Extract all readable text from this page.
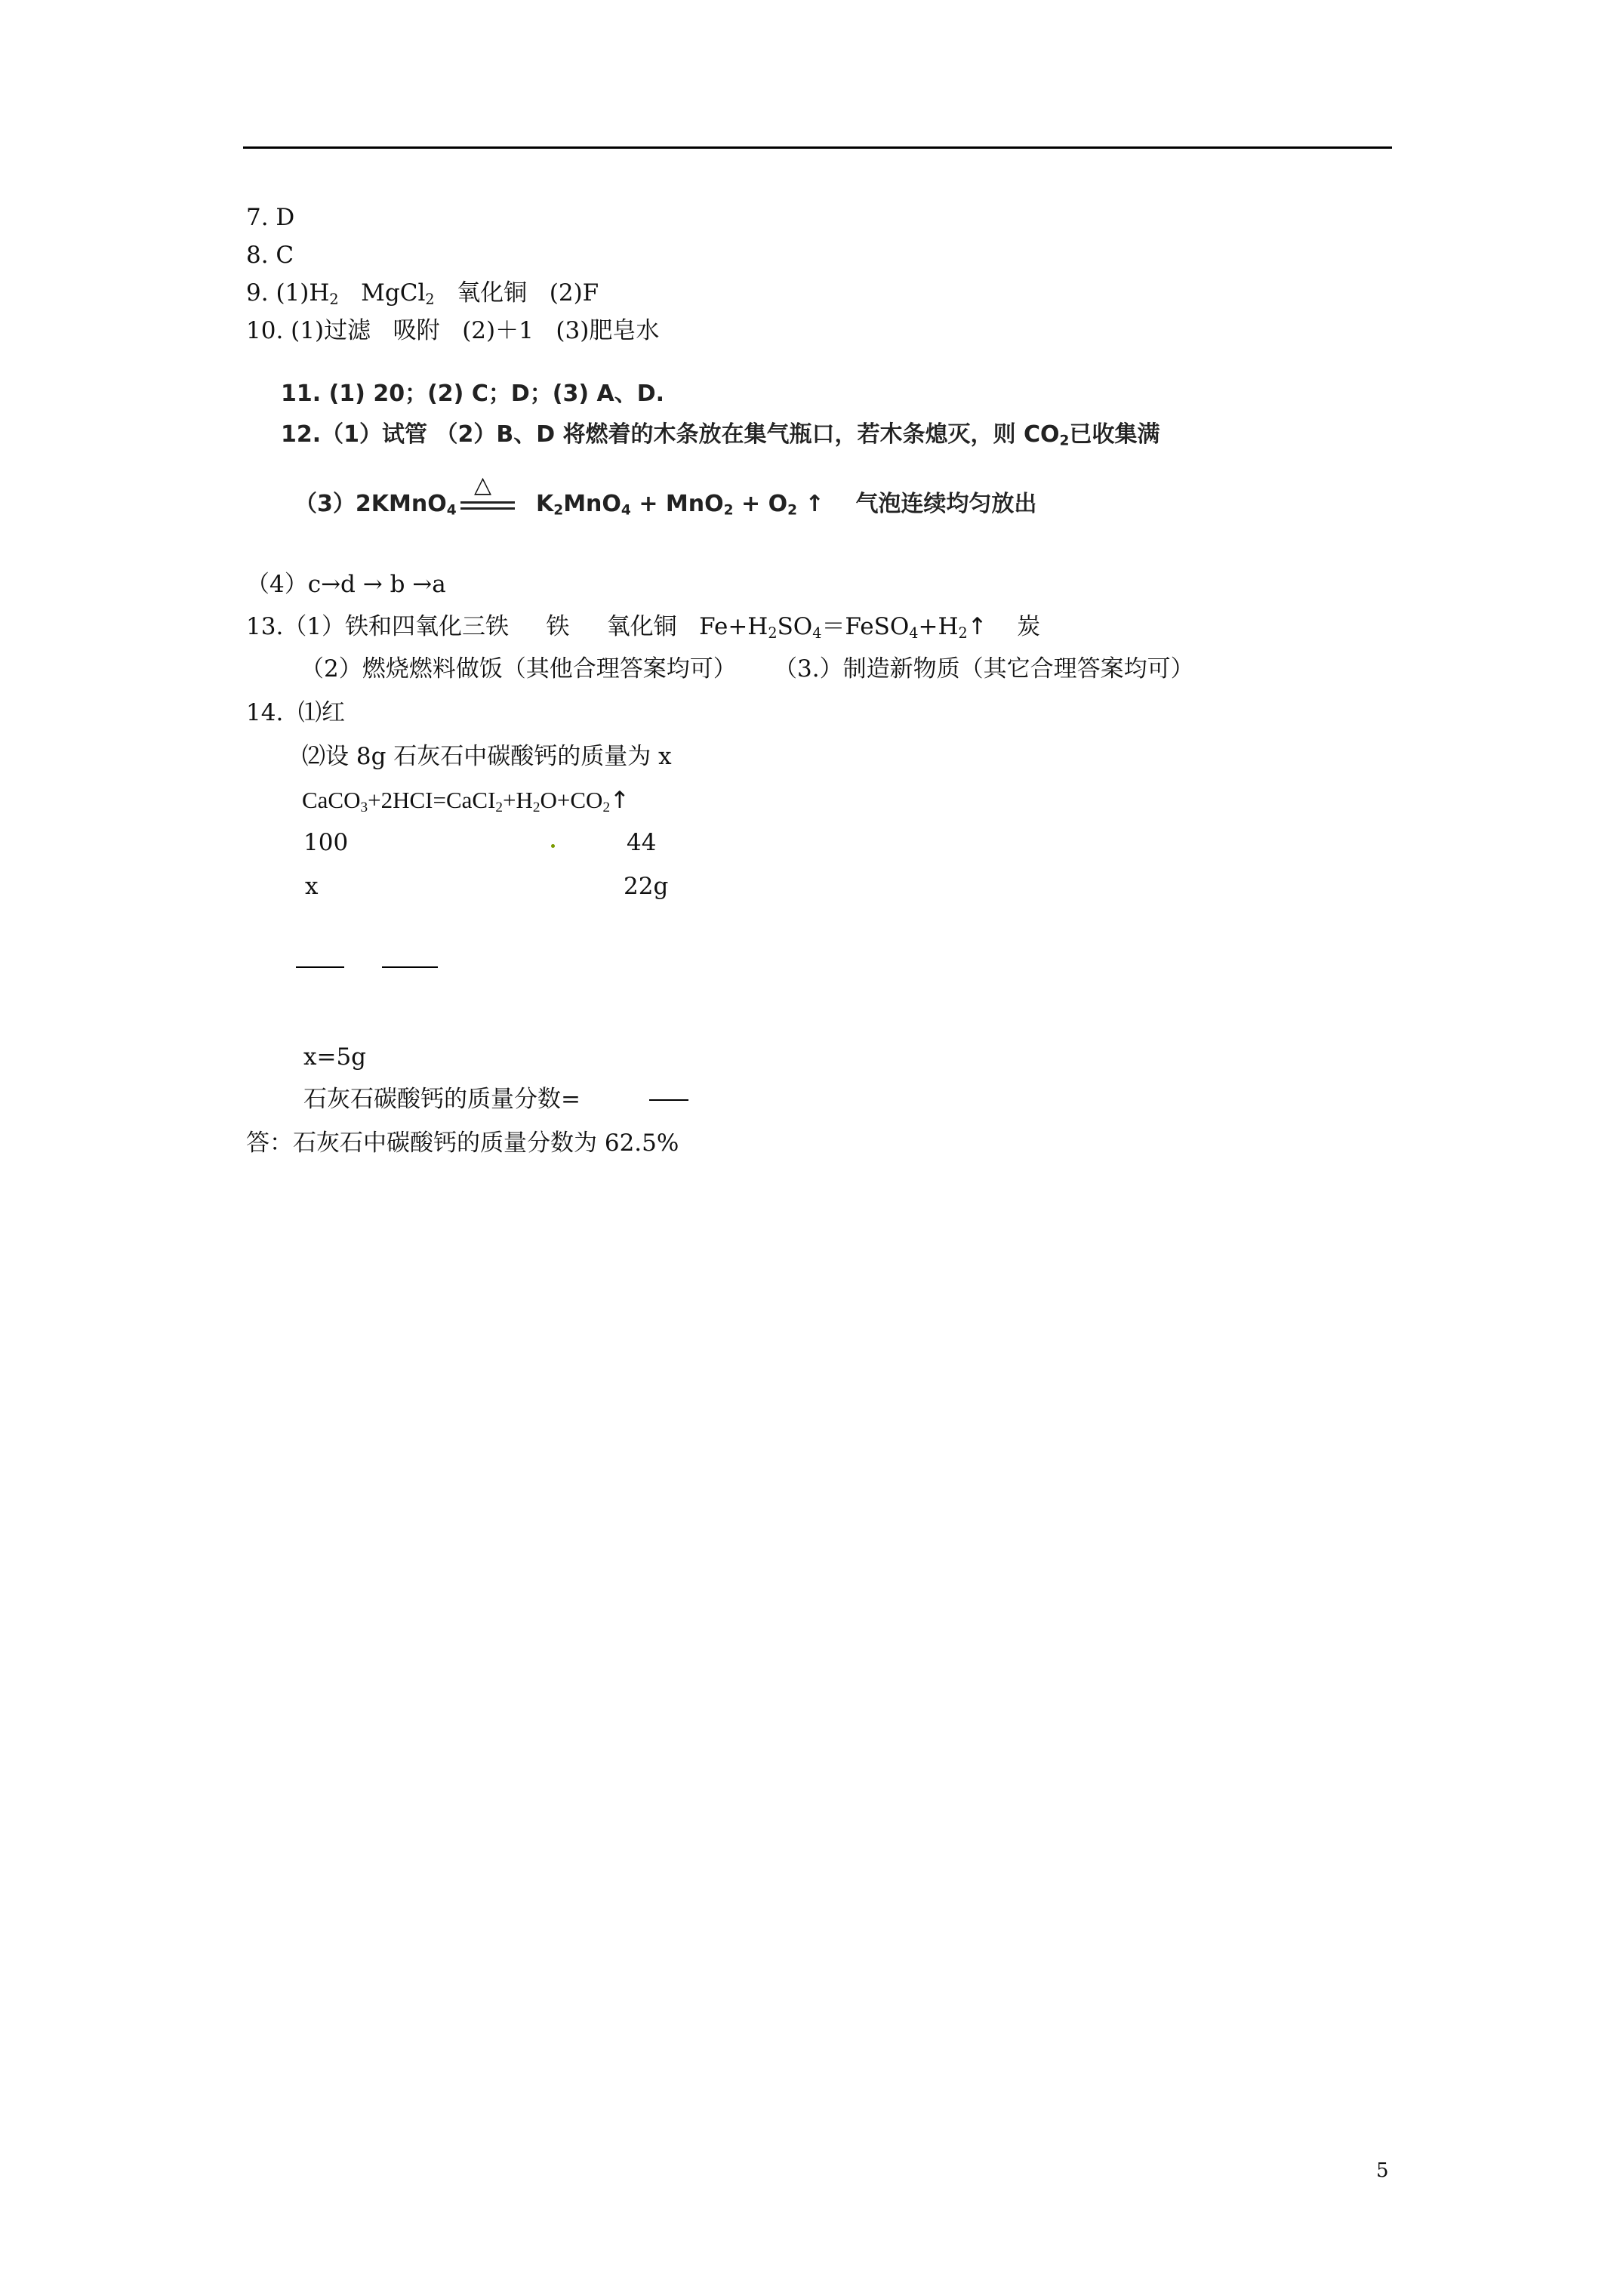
7. D
8. C
9. $(1)H_2$ MgCl$_2$ 氧化铜 (2)F
10. (1)过滤 吸附 (2)＋1 (3)肥皂水
11. (1) 20；(2) C；D；(3) A、D.
12.（1）试管 （2）B、D 将燃着的木条放在集气瓶口，若木条熄灭，则 $CO_2$已收集满
（3）2KMnO$_4$
△
$K_2MnO_4 + MnO_2 + O_2$ ↑ 气泡连续均匀放出
（4）c→d → b →a
13.（1）铁和四氧化三铁 铁 氧化铜 $Fe+H_2SO_4=FeSO_4+H_2↑$ 炭
（2）燃烧燃料做饭（其他合理答案均可） （3.）制造新物质（其它合理答案均可）
14. ⑴红
⑵设 8g 石灰石中碳酸钙的质量为 x
$CaCO_3+2HCI=CaCI_2+H_2O+CO_2↑$
100	44
x	22g
x=5g
石灰石碳酸钙的质量分数=
答：石灰石中碳酸钙的质量分数为 62.5%
5
